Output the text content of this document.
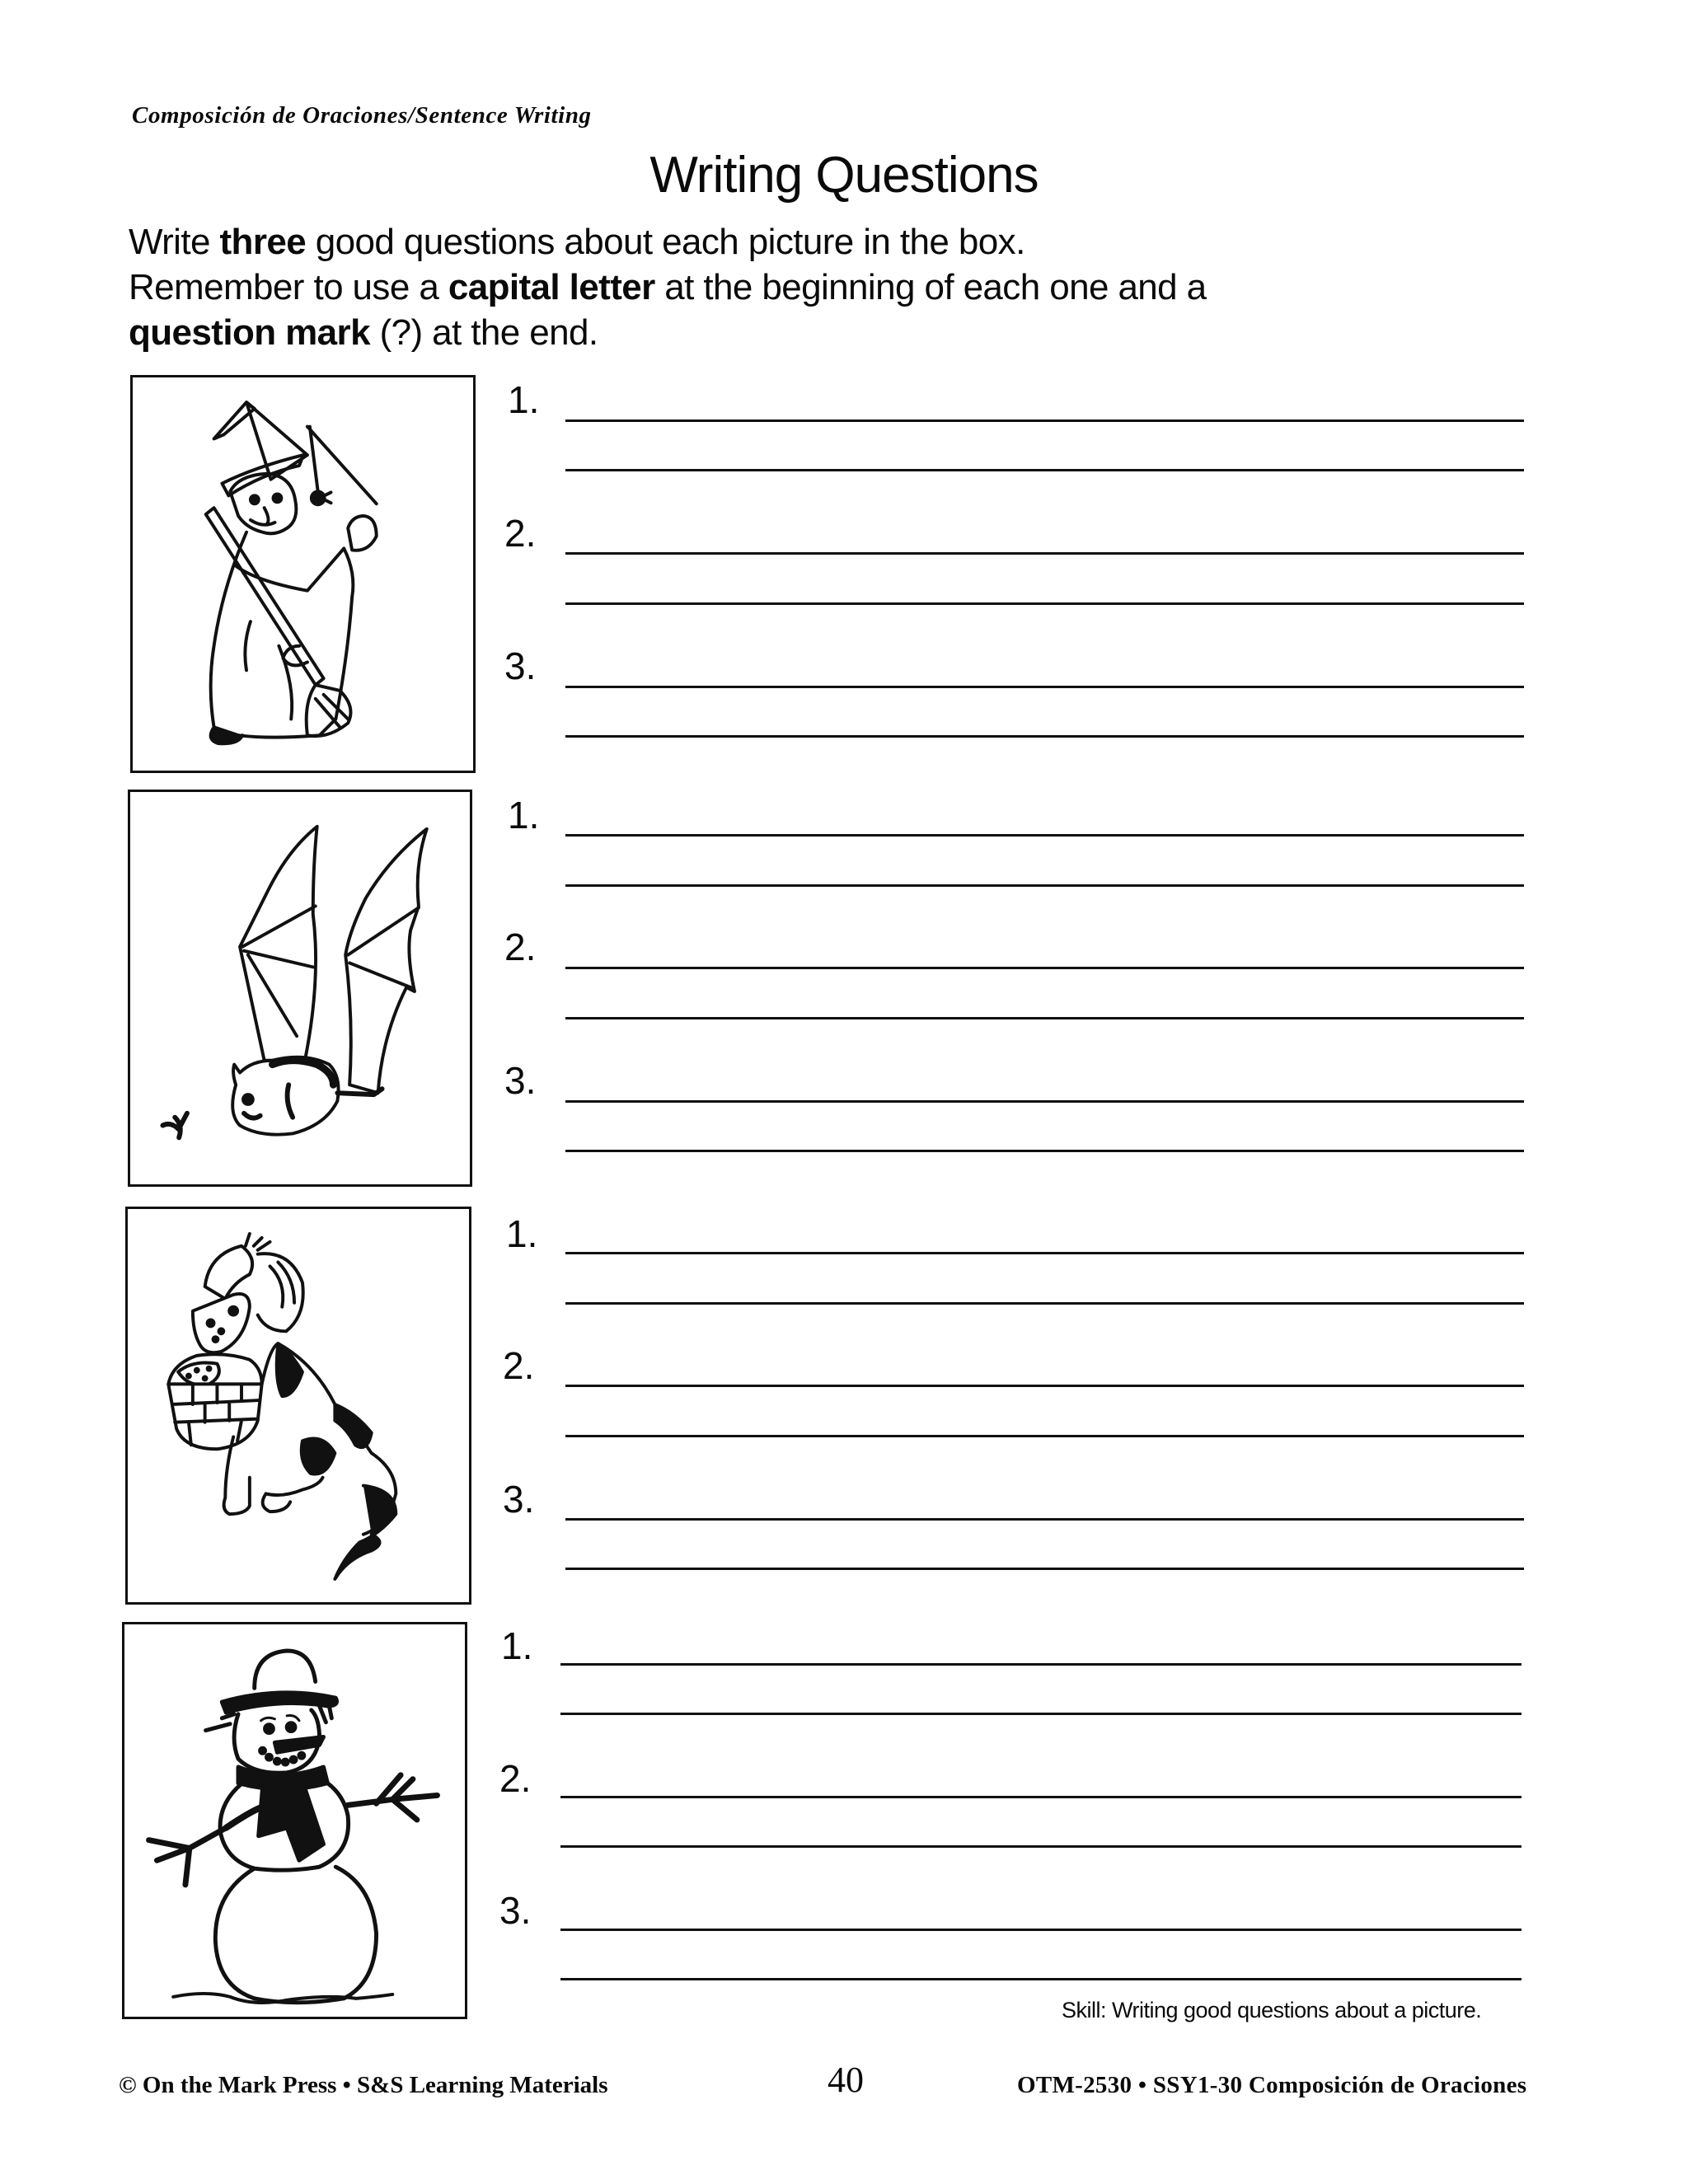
Composición de Oraciones/Sentence Writing
Writing Questions
Write three good questions about each picture in the box.
Remember to use a capital letter at the beginning of each one and a
question mark (?) at the end.
1.
2.
3.
1.
2.
3.
1.
2.
3.
1.
2.
3.
Skill: Writing good questions about a picture.
© On the Mark Press • S&S Learning Materials	40	OTM-2530 • SSY1-30 Composición de Oraciones
